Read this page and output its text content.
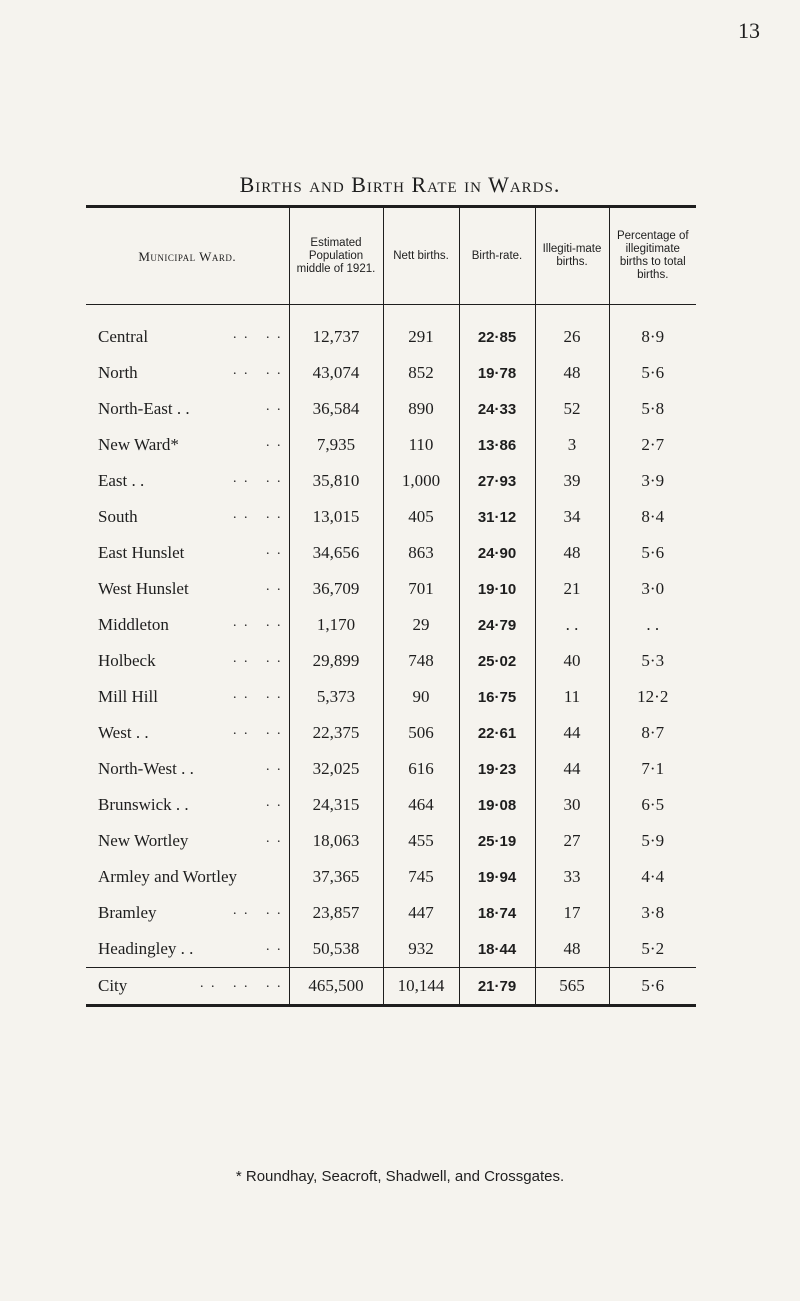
13
Births and Birth Rate in Wards.
Municipal Ward.	Estimated Population middle of 1921.	Nett births.	Birth-rate.	Illegiti-mate births.	Percentage of illegitimate births to total births.

Central . .   . .	12,737	291	22·85	26	8·9

North . .   . .	43,074	852	19·78	48	5·6

North-East . . . .	36,584	890	24·33	52	5·8

New Ward* . .	7,935	110	13·86	3	2·7

East . . . .   . .	35,810	1,000	27·93	39	3·9

South . .   . .	13,015	405	31·12	34	8·4

East Hunslet . .	34,656	863	24·90	48	5·6

West Hunslet . .	36,709	701	19·10	21	3·0

Middleton . .   . .	1,170	29	24·79	. .	. .

Holbeck . .   . .	29,899	748	25·02	40	5·3

Mill Hill . .   . .	5,373	90	16·75	11	12·2

West . . . .   . .	22,375	506	22·61	44	8·7

North-West . . . .	32,025	616	19·23	44	7·1

Brunswick . . . .	24,315	464	19·08	30	6·5

New Wortley . .	18,063	455	25·19	27	5·9

Armley and Wortley	37,365	745	19·94	33	4·4

Bramley . .   . .	23,857	447	18·74	17	3·8

Headingley . . . .	50,538	932	18·44	48	5·2

City . .   . .   . .	465,500	10,144	21·79	565	5·6

* Roundhay, Seacroft, Shadwell, and Crossgates.
